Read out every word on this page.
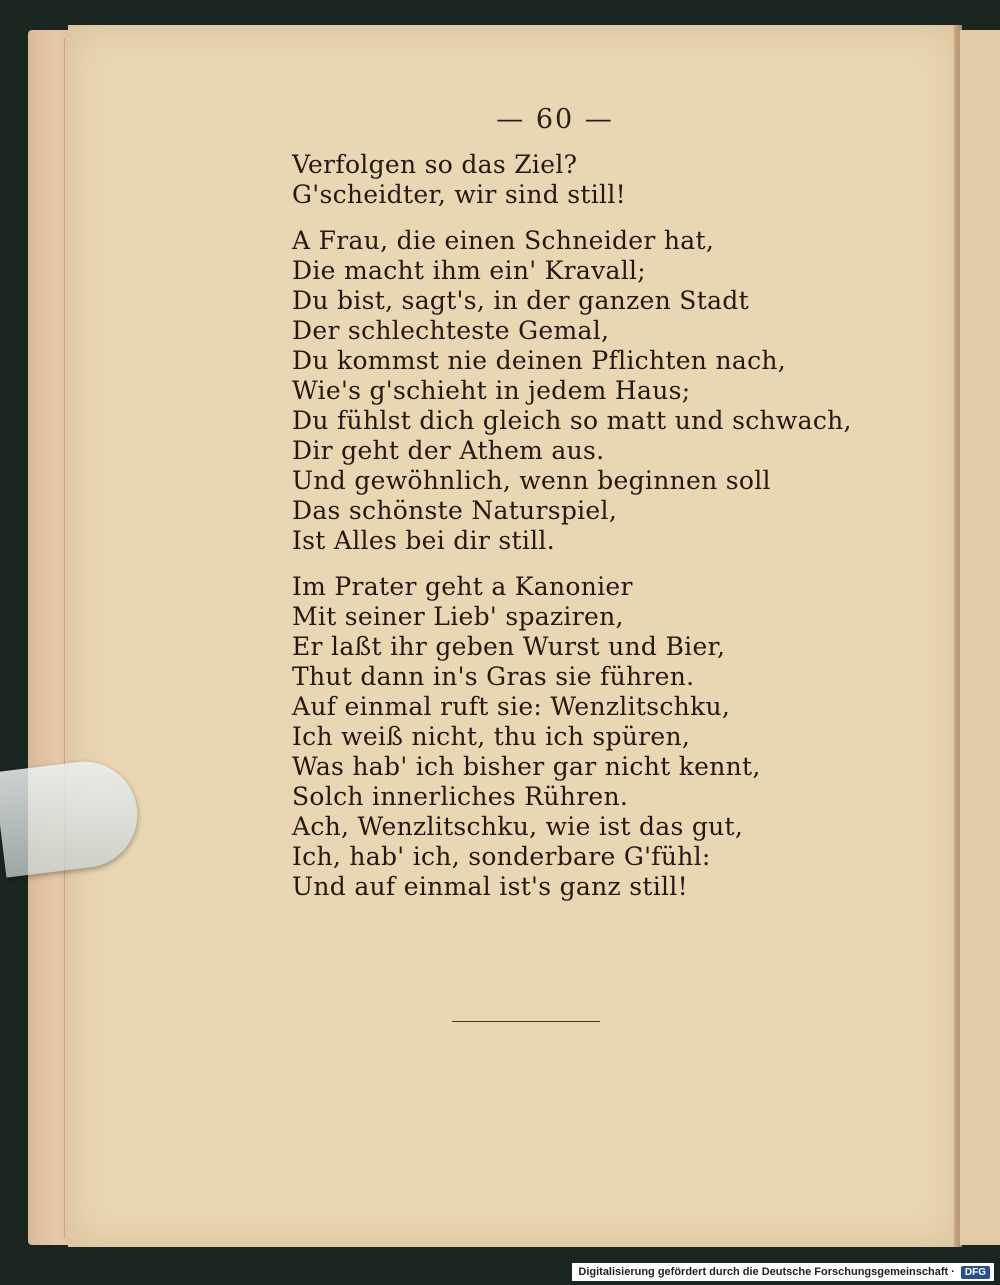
— 60 —
Verfolgen so das Ziel?
G'scheidter, wir sind still!
A Frau, die einen Schneider hat,
Die macht ihm ein' Kravall;
Du bist, sagt's, in der ganzen Stadt
Der schlechteste Gemal,
Du kommst nie deinen Pflichten nach,
Wie's g'schieht in jedem Haus;
Du fühlst dich gleich so matt und schwach,
Dir geht der Athem aus.
Und gewöhnlich, wenn beginnen soll
Das schönste Naturspiel,
Ist Alles bei dir still.
Im Prater geht a Kanonier
Mit seiner Lieb' spaziren,
Er laßt ihr geben Wurst und Bier,
Thut dann in's Gras sie führen.
Auf einmal ruft sie: Wenzlitschku,
Ich weiß nicht, thu ich spüren,
Was hab' ich bisher gar nicht kennt,
Solch innerliches Rühren.
Ach, Wenzlitschku, wie ist das gut,
Ich, hab' ich, sonderbare G'fühl:
Und auf einmal ist's ganz still!
Digitalisierung gefördert durch die Deutsche Forschungsgemeinschaft ·	DFG
